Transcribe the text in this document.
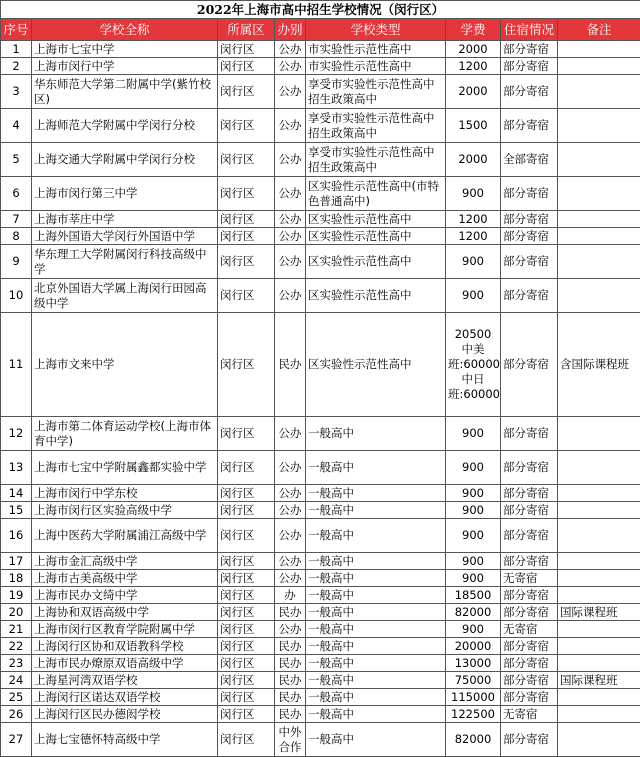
2022年上海市高中招生学校情况（闵行区）							
序号	学校全称	所属区	办别	学校类型	学费	住宿情况	备注
1	上海市七宝中学	闵行区	公办	市实验性示范性高中	2000	部分寄宿	
2	上海市闵行中学	闵行区	公办	市实验性示范性高中	1200	部分寄宿	
3	华东师范大学第二附属中学(紫竹校区)	闵行区	公办	享受市实验性示范性高中招生政策高中	2000	部分寄宿	
4	上海师范大学附属中学闵行分校	闵行区	公办	享受市实验性示范性高中招生政策高中	1500	部分寄宿	
5	上海交通大学附属中学闵行分校	闵行区	公办	享受市实验性示范性高中招生政策高中	2000	全部寄宿	
6	上海市闵行第三中学	闵行区	公办	区实验性示范性高中(市特色普通高中)	900	部分寄宿	
7	上海市莘庄中学	闵行区	公办	区实验性示范性高中	1200	部分寄宿	
8	上海外国语大学闵行外国语中学	闵行区	公办	区实验性示范性高中	1200	部分寄宿	
9	华东理工大学附属闵行科技高级中学	闵行区	公办	区实验性示范性高中	900	部分寄宿	
10	北京外国语大学属上海闵行田园高级中学	闵行区	公办	区实验性示范性高中	900	部分寄宿	
11	上海市文来中学	闵行区	民办	区实验性示范性高中	20500 中美班:60000 中日班:60000	部分寄宿	含国际课程班
12	上海市第二体育运动学校(上海市体育中学)	闵行区	公办	一般高中	900	部分寄宿	
13	上海市七宝中学附属鑫都实验中学	闵行区	公办	一般高中	900	部分寄宿	
14	上海市闵行中学东校	闵行区	公办	一般高中	900	部分寄宿	
15	上海市闵行区实验高级中学	闵行区	公办	一般高中	900	部分寄宿	
16	上海中医药大学附属浦江高级中学	闵行区	公办	一般高中	900	部分寄宿	
17	上海市金汇高级中学	闵行区	公办	一般高中	900	部分寄宿	
18	上海市古美高级中学	闵行区	公办	一般高中	900	无寄宿	
19	上海市民办文绮中学	闵行区	办	一般高中	18500	部分寄宿	
20	上海协和双语高级中学	闵行区	民办	一般高中	82000	部分寄宿	国际课程班
21	上海市闵行区教育学院附属中学	闵行区	公办	一般高中	900	无寄宿	
22	上海闵行区协和双语教科学校	闵行区	民办	一般高中	20000	部分寄宿	
23	上海市民办燎原双语高级中学	闵行区	民办	一般高中	13000	部分寄宿	
24	上海星河湾双语学校	闵行区	民办	一般高中	75000	部分寄宿	国际课程班
25	上海闵行区诺达双语学校	闵行区	民办	一般高中	115000	部分寄宿	
26	上海闵行区民办德闳学校	闵行区	民办	一般高中	122500	无寄宿	
27	上海七宝德怀特高级中学	闵行区	中外合作	一般高中	82000	部分寄宿	
